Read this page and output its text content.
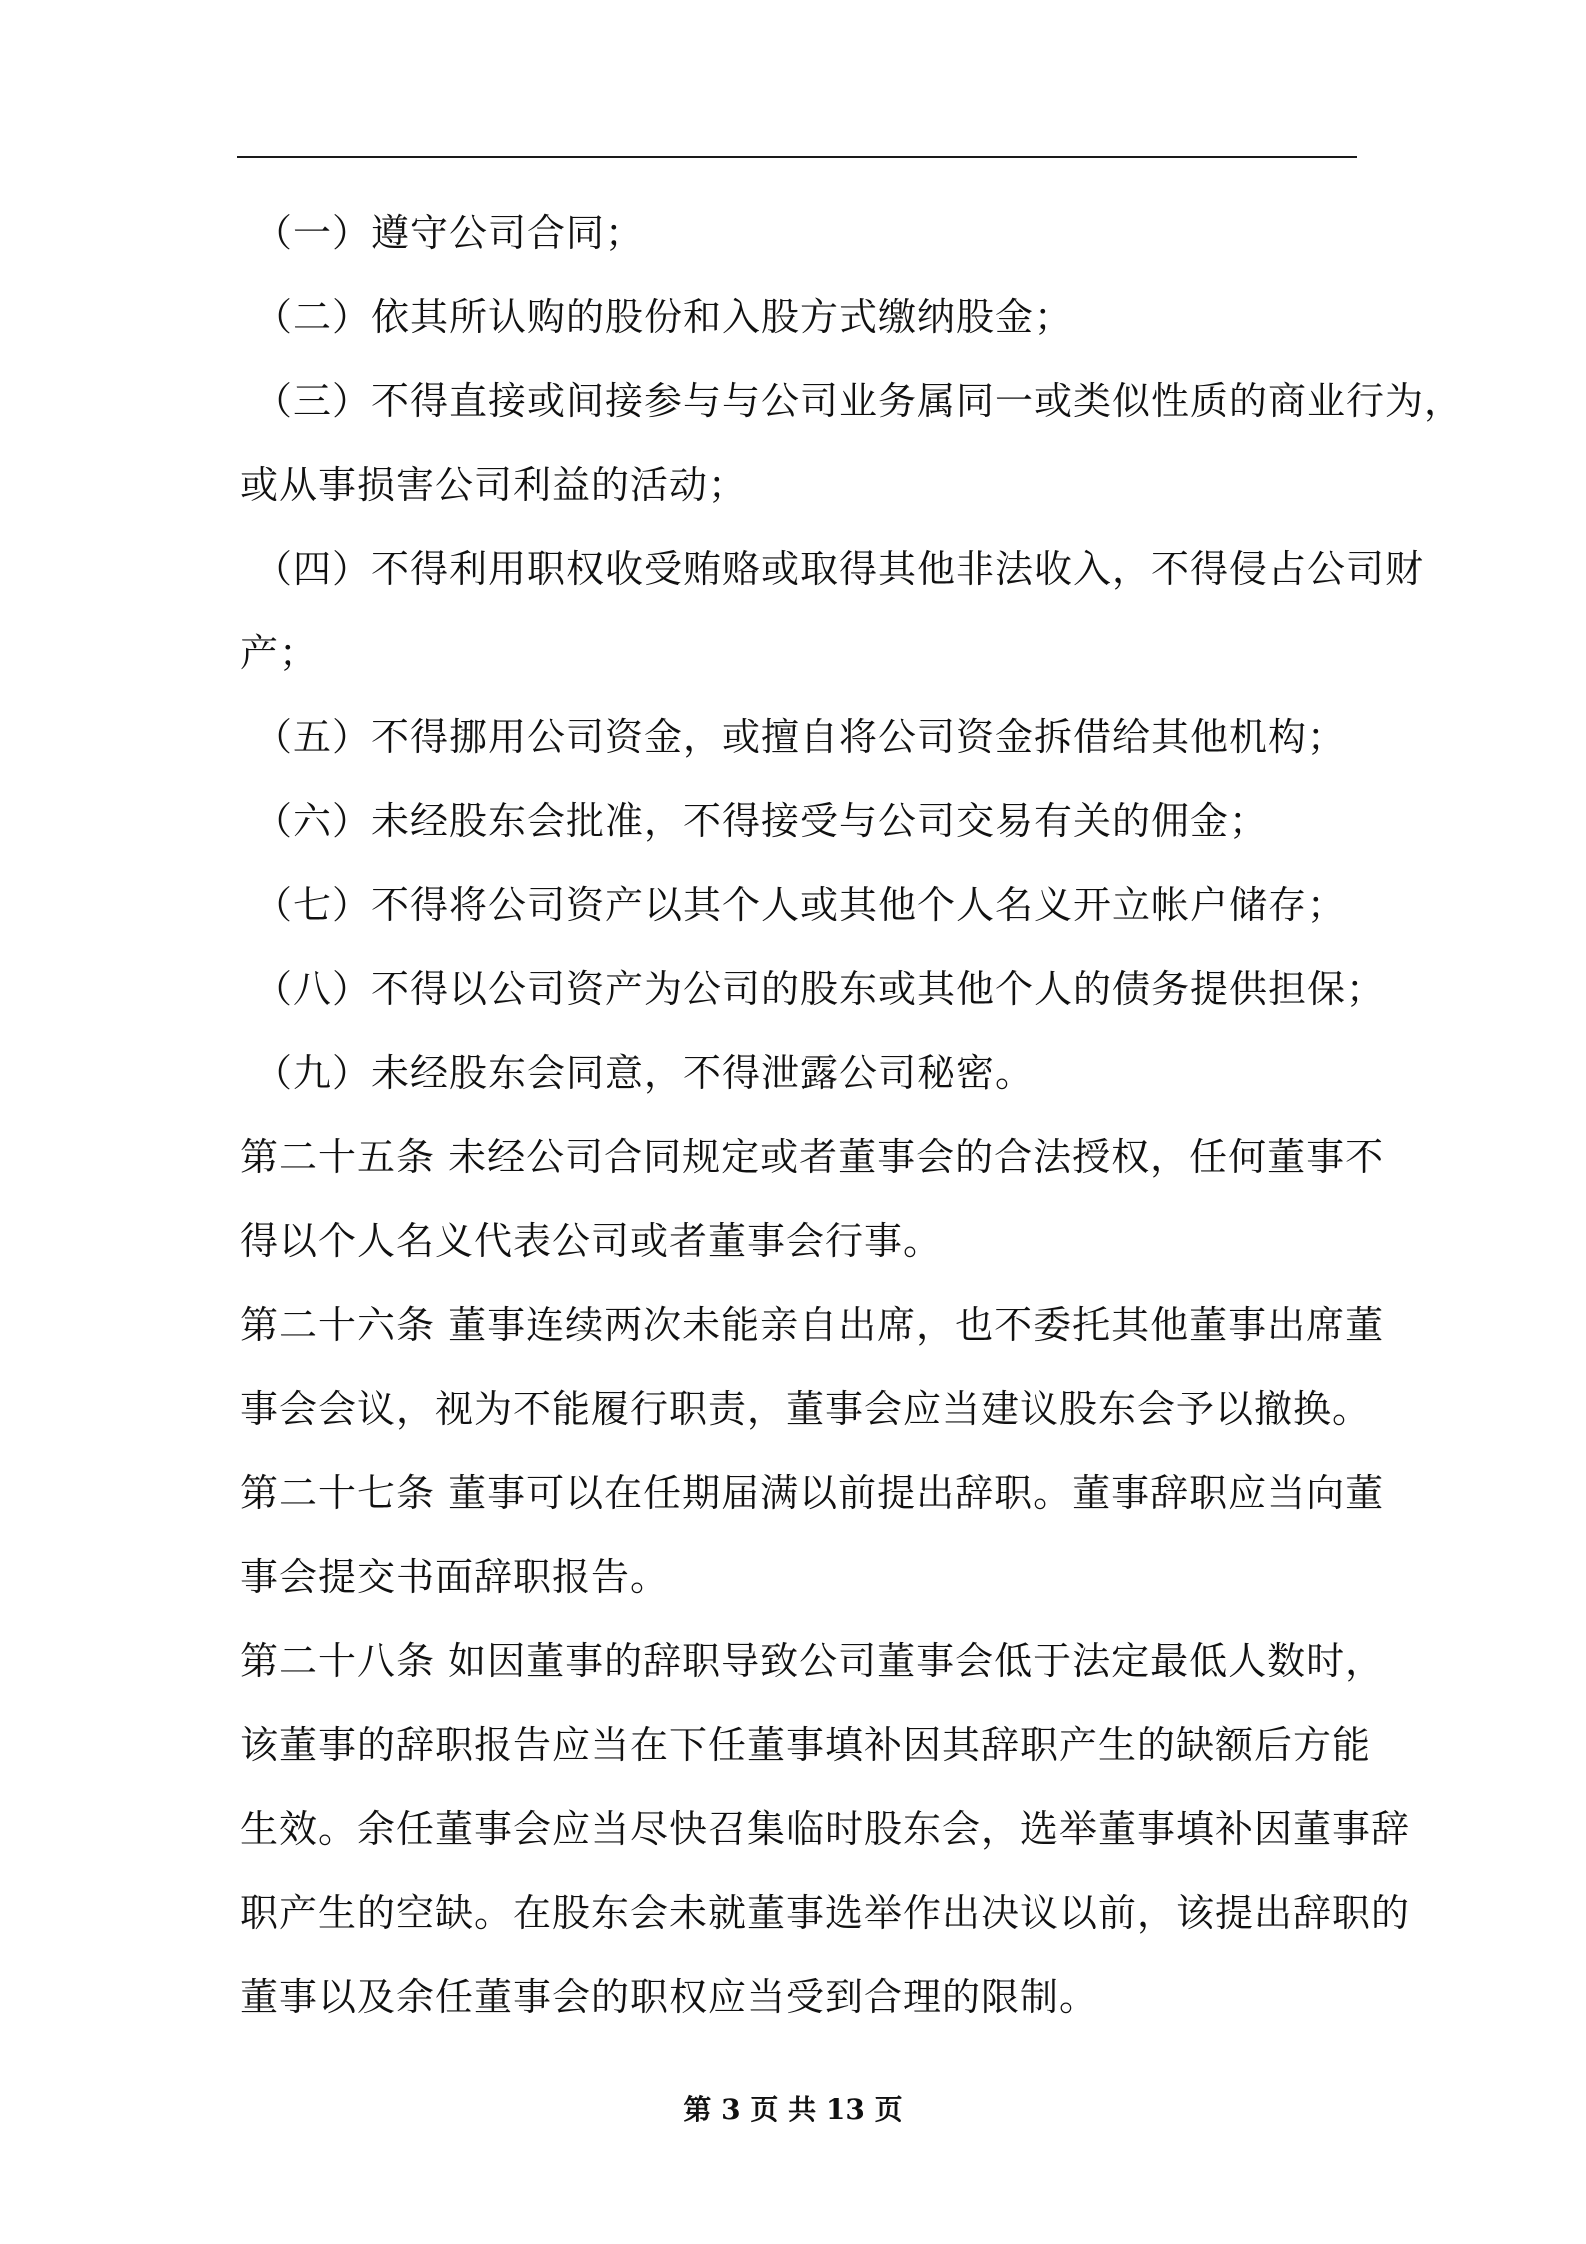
（一）遵守公司合同；
（二）依其所认购的股份和入股方式缴纳股金；
（三）不得直接或间接参与与公司业务属同一或类似性质的商业行为，
或从事损害公司利益的活动；
（四）不得利用职权收受贿赂或取得其他非法收入，不得侵占公司财
产；
（五）不得挪用公司资金，或擅自将公司资金拆借给其他机构；
（六）未经股东会批准，不得接受与公司交易有关的佣金；
（七）不得将公司资产以其个人或其他个人名义开立帐户储存；
（八）不得以公司资产为公司的股东或其他个人的债务提供担保；
（九）未经股东会同意，不得泄露公司秘密。
第二十五条 未经公司合同规定或者董事会的合法授权，任何董事不
得以个人名义代表公司或者董事会行事。
第二十六条 董事连续两次未能亲自出席，也不委托其他董事出席董
事会会议，视为不能履行职责，董事会应当建议股东会予以撤换。
第二十七条 董事可以在任期届满以前提出辞职。董事辞职应当向董
事会提交书面辞职报告。
第二十八条 如因董事的辞职导致公司董事会低于法定最低人数时，
该董事的辞职报告应当在下任董事填补因其辞职产生的缺额后方能
生效。余任董事会应当尽快召集临时股东会，选举董事填补因董事辞
职产生的空缺。在股东会未就董事选举作出决议以前，该提出辞职的
董事以及余任董事会的职权应当受到合理的限制。
第 3 页 共 13 页
